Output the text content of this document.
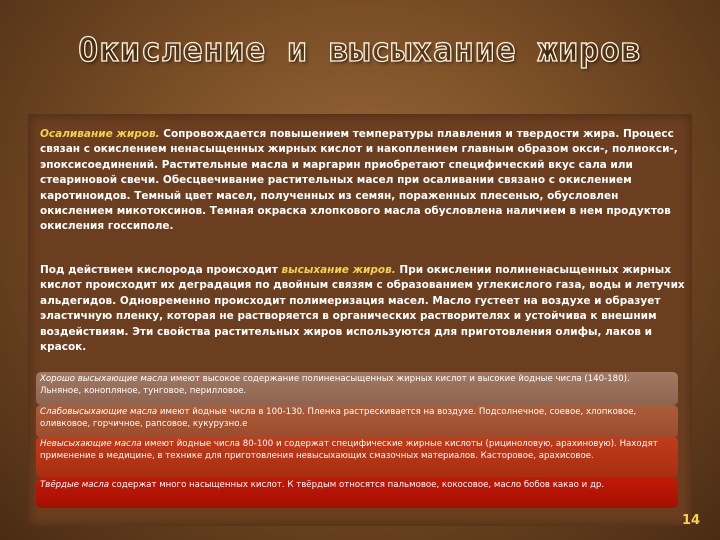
Окисление и высыхание жиров

Осаливание жиров. Сопровождается повышением температуры плавления и твердости жира. Процесс связан с окислением ненасыщенных жирных кислот и накоплением главным образом окси-, полиокси-, эпоксисоединений. Растительные масла и маргарин приобретают специфический вкус сала или стеариновой свечи. Обесцвечивание растительных масел при осаливании связано с окислением каротиноидов. Темный цвет масел, полученных из семян, пораженных плесенью, обусловлен окислением микотоксинов. Темная окраска хлопкового масла обусловлена наличием в нем продуктов окисления госсиполе.

Под действием кислорода происходит высыхание жиров. При окислении полиненасыщенных жирных кислот происходит их деградация по двойным связям с образованием углекислого газа, воды и летучих альдегидов. Одновременно происходит полимеризация масел. Масло густеет на воздухе и образует эластичную пленку, которая не растворяется в органических растворителях и устойчива к внешним воздействиям. Эти свойства растительных жиров используются для приготовления олифы, лаков и красок.

Хорошо высыхающие масла имеют высокое содержание полиненасыщенных жирных кислот и высокие йодные числа (140-180). Льняное, конопляное, тунговое, перилловое.
Слабовысыхающие масла имеют йодные числа в 100-130. Пленка растрескивается на воздухе. Подсолнечное, соевое, хлопковое, оливковое, горчичное, рапсовое, кукурузно.е
Невысыхающие масла имеют йодные числа 80-100 и содержат специфические жирные кислоты (рициноловую, арахиновую). Находят применение в медицине, в технике для приготовления невысыхающих смазочных материалов. Касторовое, арахисовое.
Твёрдые масла содержат много насыщенных кислот. К твёрдым относятся пальмовое, кокосовое, масло бобов какао и др.
14
